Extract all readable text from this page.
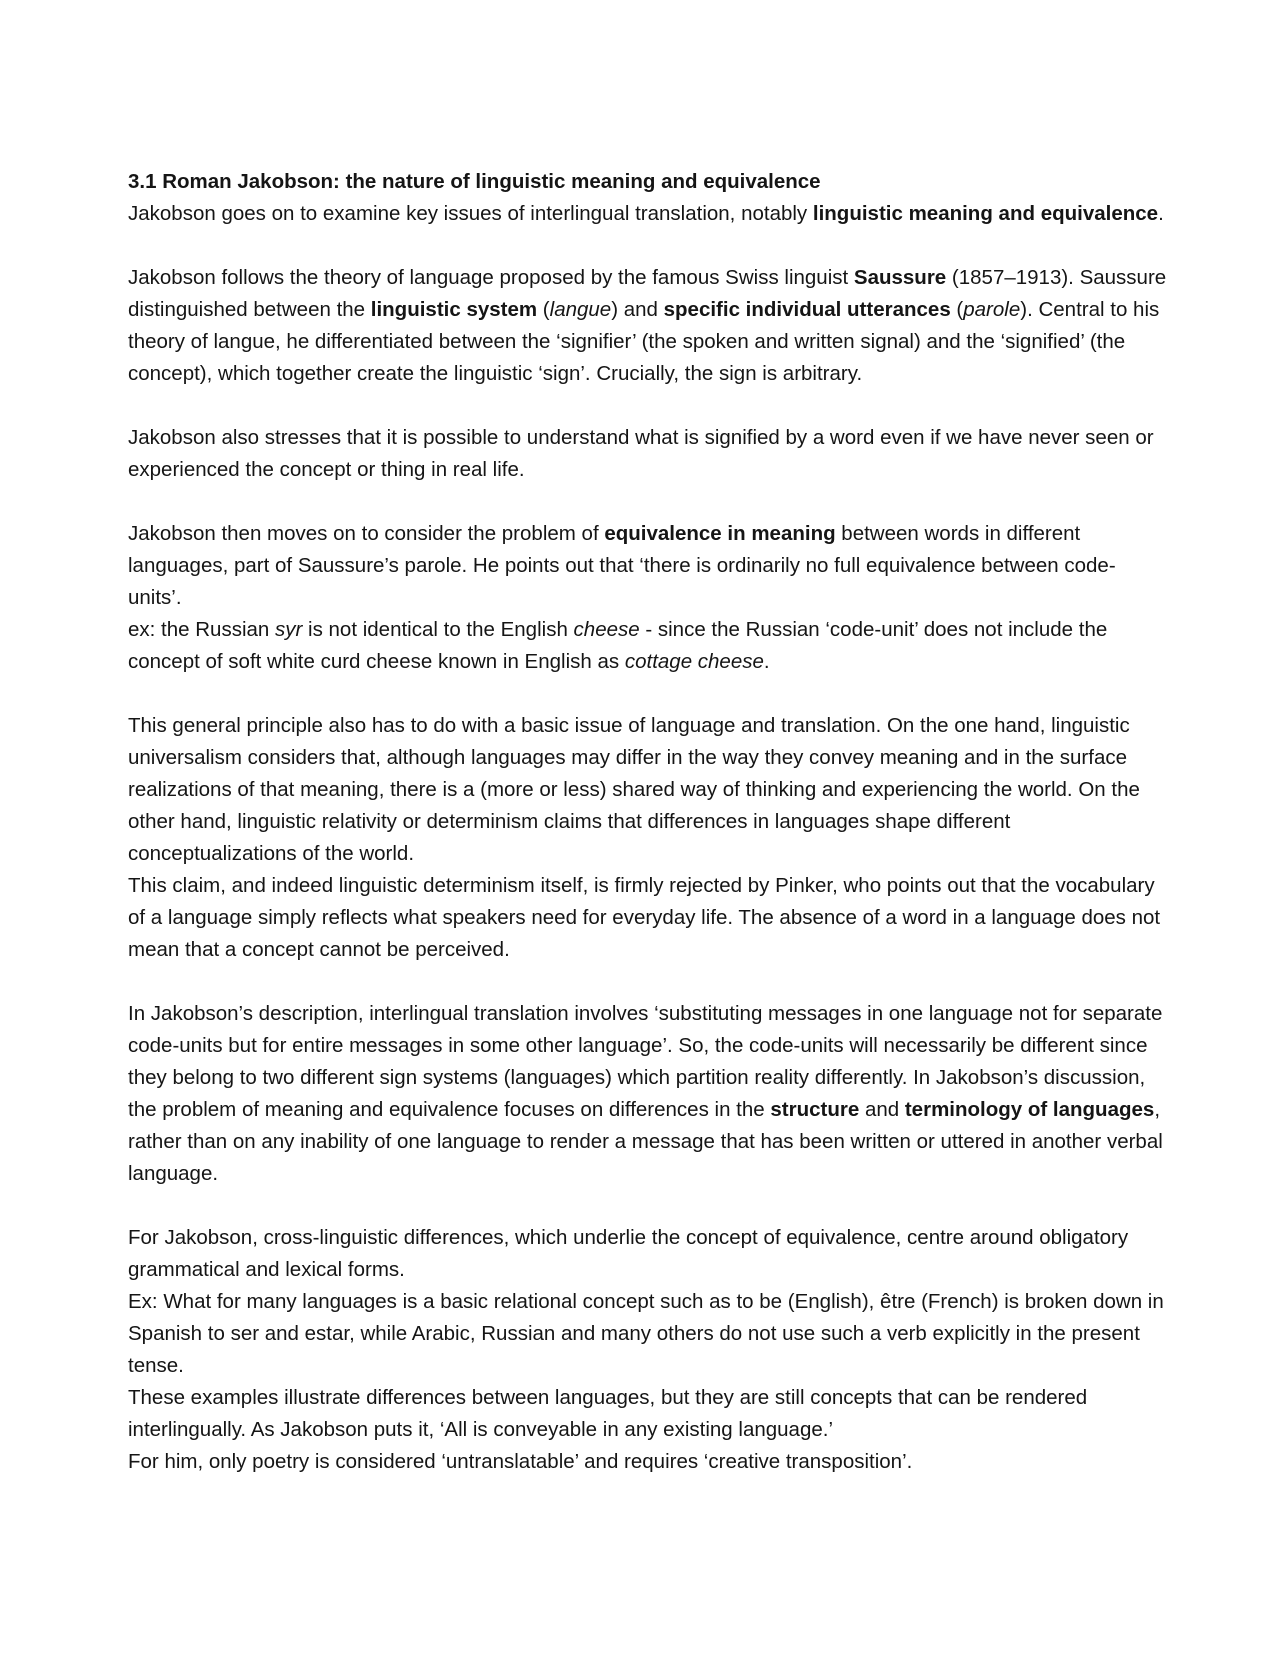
3.1 Roman Jakobson: the nature of linguistic meaning and equivalence

Jakobson goes on to examine key issues of interlingual translation, notably linguistic meaning and equivalence.

Jakobson follows the theory of language proposed by the famous Swiss linguist Saussure (1857–1913). Saussure distinguished between the linguistic system (langue) and specific individual utterances (parole). Central to his theory of langue, he differentiated between the ‘signifier’ (the spoken and written signal) and the ‘signified’ (the concept), which together create the linguistic ‘sign’. Crucially, the sign is arbitrary.

Jakobson also stresses that it is possible to understand what is signified by a word even if we have never seen or experienced the concept or thing in real life.

Jakobson then moves on to consider the problem of equivalence in meaning between words in different languages, part of Saussure’s parole. He points out that ‘there is ordinarily no full equivalence between code-units’.

ex: the Russian syr is not identical to the English cheese - since the Russian ‘code-unit’ does not include the concept of soft white curd cheese known in English as cottage cheese.

This general principle also has to do with a basic issue of language and translation. On the one hand, linguistic universalism considers that, although languages may differ in the way they convey meaning and in the surface realizations of that meaning, there is a (more or less) shared way of thinking and experiencing the world. On the other hand, linguistic relativity or determinism claims that differences in languages shape different conceptualizations of the world.

This claim, and indeed linguistic determinism itself, is firmly rejected by Pinker, who points out that the vocabulary of a language simply reflects what speakers need for everyday life. The absence of a word in a language does not mean that a concept cannot be perceived.

In Jakobson’s description, interlingual translation involves ‘substituting messages in one language not for separate code-units but for entire messages in some other language’. So, the code-units will necessarily be different since they belong to two different sign systems (languages) which partition reality differently. In Jakobson’s discussion, the problem of meaning and equivalence focuses on differences in the structure and terminology of languages, rather than on any inability of one language to render a message that has been written or uttered in another verbal language.

For Jakobson, cross-linguistic differences, which underlie the concept of equivalence, centre around obligatory grammatical and lexical forms.

Ex: What for many languages is a basic relational concept such as to be (English), être (French) is broken down in Spanish to ser and estar, while Arabic, Russian and many others do not use such a verb explicitly in the present tense.

These examples illustrate differences between languages, but they are still concepts that can be rendered interlingually. As Jakobson puts it, ‘All is conveyable in any existing language.’

For him, only poetry is considered ‘untranslatable’ and requires ‘creative transposition’.
